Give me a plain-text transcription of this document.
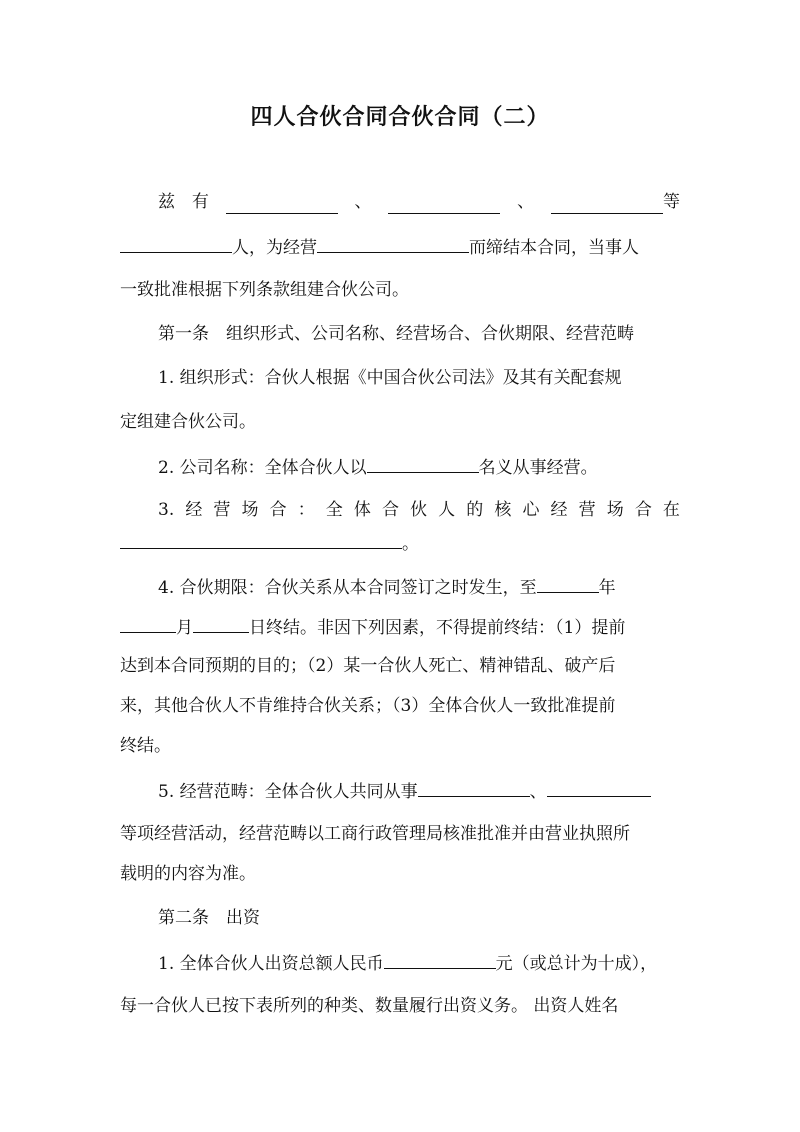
四人合伙合同合伙合同（二）
兹 有	、	、	等
人，为经营	而缔结本合同，当事人
一致批准根据下列条款组建合伙公司。
第一条　组织形式、公司名称、经营场合、合伙期限、经营范畴
1. 组织形式：合伙人根据《中国合伙公司法》及其有关配套规
定组建合伙公司。
2. 公司名称：全体合伙人以	名义从事经营。
3. 经 营 场 合 ： 全 体 合 伙 人 的 核 心 经 营 场 合 在
。
4. 合伙期限：合伙关系从本合同签订之时发生，至	年
月	日终结。非因下列因素，不得提前终结：（1）提前
达到本合同预期的目的；（2）某一合伙人死亡、精神错乱、破产后
来，其他合伙人不肯维持合伙关系；（3）全体合伙人一致批准提前
终结。
5. 经营范畴：全体合伙人共同从事	、
等项经营活动，经营范畴以工商行政管理局核准批准并由营业执照所
载明的内容为准。
第二条　出资
1. 全体合伙人出资总额人民币	元（或总计为十成），
每一合伙人已按下表所列的种类、数量履行出资义务。 出资人姓名
